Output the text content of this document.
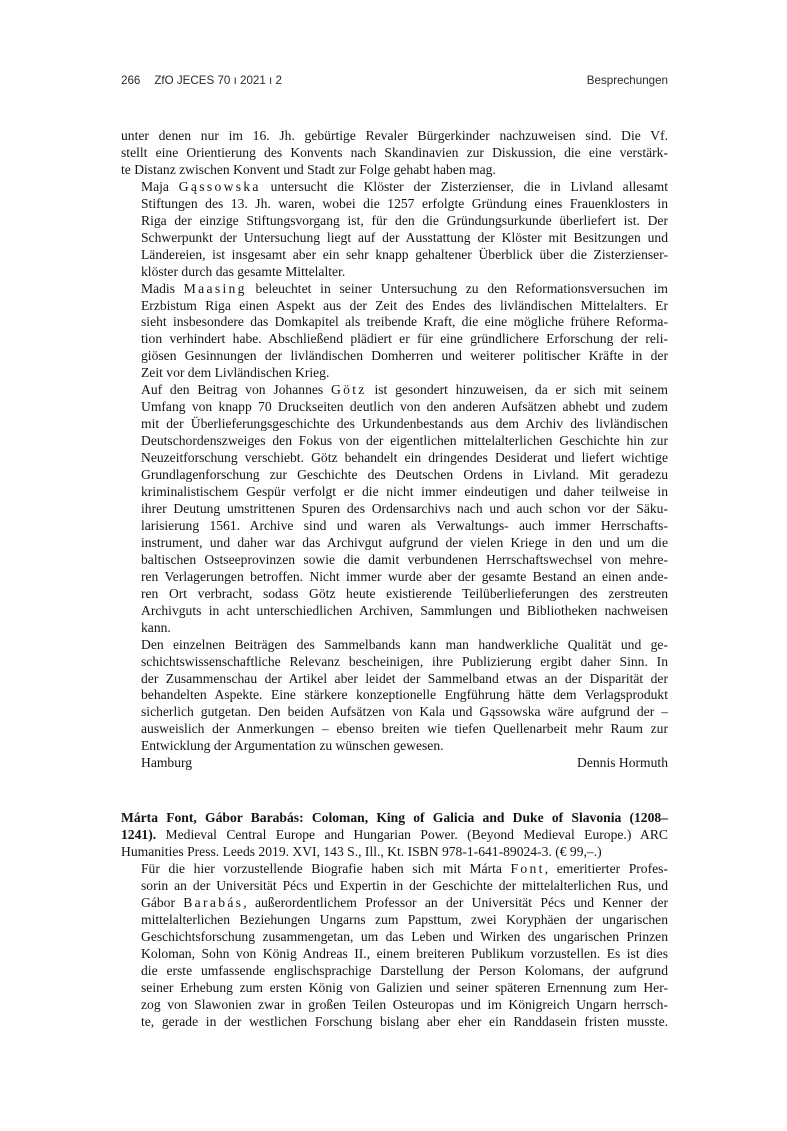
266 ZfO JECES 70 ı 2021 ı 2	Besprechungen
unter denen nur im 16. Jh. gebürtige Revaler Bürgerkinder nachzuweisen sind. Die Vf.
stellt eine Orientierung des Konvents nach Skandinavien zur Diskussion, die eine verstärk-
te Distanz zwischen Konvent und Stadt zur Folge gehabt haben mag.
Maja Gąssowska untersucht die Klöster der Zisterzienser, die in Livland allesamt
Stiftungen des 13. Jh. waren, wobei die 1257 erfolgte Gründung eines Frauenklosters in
Riga der einzige Stiftungsvorgang ist, für den die Gründungsurkunde überliefert ist. Der
Schwerpunkt der Untersuchung liegt auf der Ausstattung der Klöster mit Besitzungen und
Ländereien, ist insgesamt aber ein sehr knapp gehaltener Überblick über die Zisterzienser-
klöster durch das gesamte Mittelalter.
Madis Maasing beleuchtet in seiner Untersuchung zu den Reformationsversuchen im
Erzbistum Riga einen Aspekt aus der Zeit des Endes des livländischen Mittelalters. Er
sieht insbesondere das Domkapitel als treibende Kraft, die eine mögliche frühere Reforma-
tion verhindert habe. Abschließend plädiert er für eine gründlichere Erforschung der reli-
giösen Gesinnungen der livländischen Domherren und weiterer politischer Kräfte in der
Zeit vor dem Livländischen Krieg.
Auf den Beitrag von Johannes Götz ist gesondert hinzuweisen, da er sich mit seinem
Umfang von knapp 70 Druckseiten deutlich von den anderen Aufsätzen abhebt und zudem
mit der Überlieferungsgeschichte des Urkundenbestands aus dem Archiv des livländischen
Deutschordenszweiges den Fokus von der eigentlichen mittelalterlichen Geschichte hin zur
Neuzeitforschung verschiebt. Götz behandelt ein dringendes Desiderat und liefert wichtige
Grundlagenforschung zur Geschichte des Deutschen Ordens in Livland. Mit geradezu
kriminalistischem Gespür verfolgt er die nicht immer eindeutigen und daher teilweise in
ihrer Deutung umstrittenen Spuren des Ordensarchivs nach und auch schon vor der Säku-
larisierung 1561. Archive sind und waren als Verwaltungs- auch immer Herrschafts-
instrument, und daher war das Archivgut aufgrund der vielen Kriege in den und um die
baltischen Ostseeprovinzen sowie die damit verbundenen Herrschaftswechsel von mehre-
ren Verlagerungen betroffen. Nicht immer wurde aber der gesamte Bestand an einen ande-
ren Ort verbracht, sodass Götz heute existierende Teilüberlieferungen des zerstreuten
Archivguts in acht unterschiedlichen Archiven, Sammlungen und Bibliotheken nachweisen
kann.
Den einzelnen Beiträgen des Sammelbands kann man handwerkliche Qualität und ge-
schichtswissenschaftliche Relevanz bescheinigen, ihre Publizierung ergibt daher Sinn. In
der Zusammenschau der Artikel aber leidet der Sammelband etwas an der Disparität der
behandelten Aspekte. Eine stärkere konzeptionelle Engführung hätte dem Verlagsprodukt
sicherlich gutgetan. Den beiden Aufsätzen von Kala und Gąssowska wäre aufgrund der –
ausweislich der Anmerkungen – ebenso breiten wie tiefen Quellenarbeit mehr Raum zur
Entwicklung der Argumentation zu wünschen gewesen.
Hamburg	Dennis Hormuth
Márta Font, Gábor Barabás: Coloman, King of Galicia and Duke of Slavonia (1208–
1241). Medieval Central Europe and Hungarian Power. (Beyond Medieval Europe.) ARC
Humanities Press. Leeds 2019. XVI, 143 S., Ill., Kt. ISBN 978-1-641-89024-3. (€ 99,–.)
Für die hier vorzustellende Biografie haben sich mit Márta Font, emeritierter Profes-
sorin an der Universität Pécs und Expertin in der Geschichte der mittelalterlichen Rus, und
Gábor Barabás, außerordentlichem Professor an der Universität Pécs und Kenner der
mittelalterlichen Beziehungen Ungarns zum Papsttum, zwei Koryphäen der ungarischen
Geschichtsforschung zusammengetan, um das Leben und Wirken des ungarischen Prinzen
Koloman, Sohn von König Andreas II., einem breiteren Publikum vorzustellen. Es ist dies
die erste umfassende englischsprachige Darstellung der Person Kolomans, der aufgrund
seiner Erhebung zum ersten König von Galizien und seiner späteren Ernennung zum Her-
zog von Slawonien zwar in großen Teilen Osteuropas und im Königreich Ungarn herrsch-
te, gerade in der westlichen Forschung bislang aber eher ein Randdasein fristen musste.
